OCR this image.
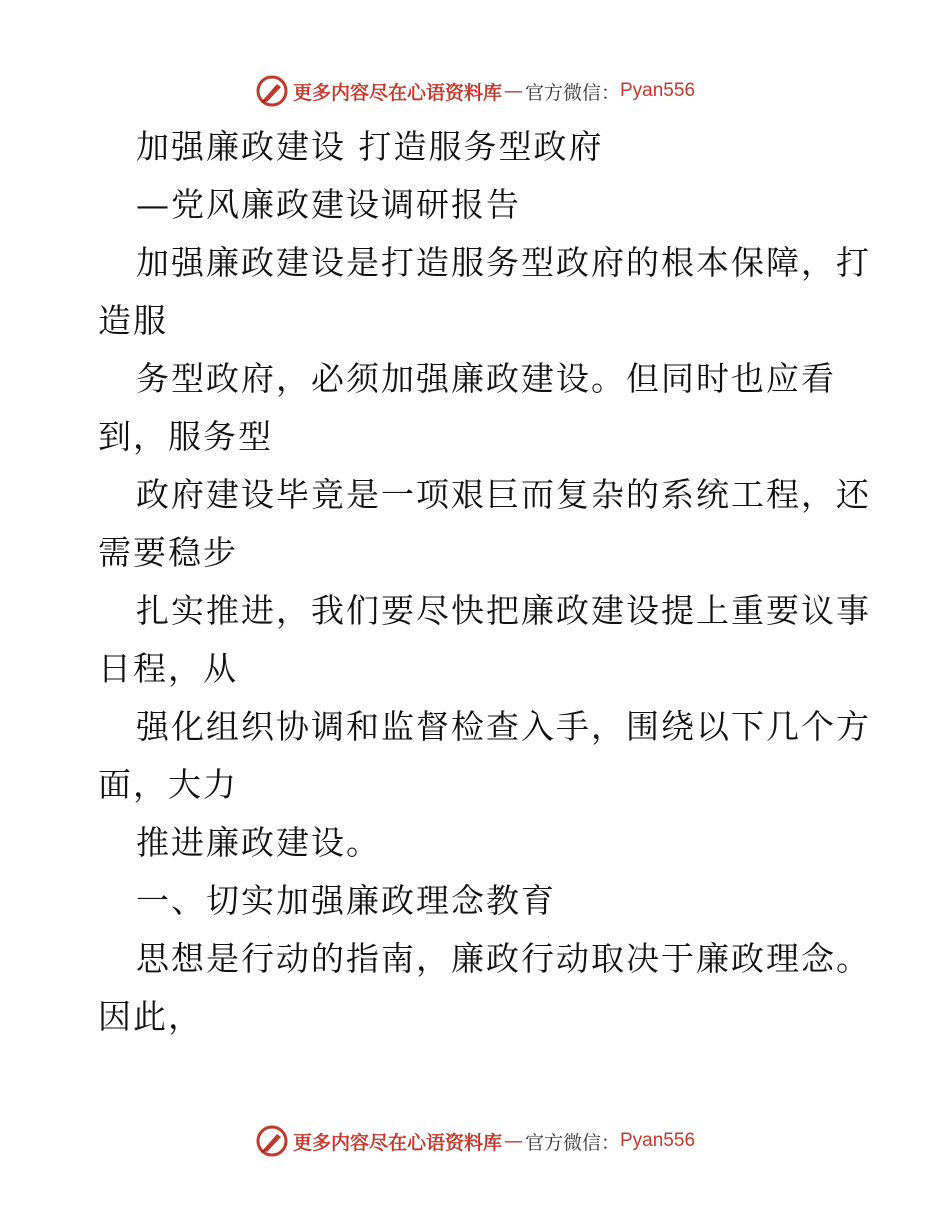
更多内容尽在心语资料库 — 官方微信： Pyan556
加强廉政建设 打造服务型政府
—党风廉政建设调研报告
加强廉政建设是打造服务型政府的根本保障，打
造服
务型政府，必须加强廉政建设。但同时也应看
到，服务型
政府建设毕竟是一项艰巨而复杂的系统工程，还
需要稳步
扎实推进，我们要尽快把廉政建设提上重要议事
日程，从
强化组织协调和监督检查入手，围绕以下几个方
面，大力
推进廉政建设。
一、切实加强廉政理念教育
思想是行动的指南，廉政行动取决于廉政理念。
因此，
更多内容尽在心语资料库 — 官方微信： Pyan556
